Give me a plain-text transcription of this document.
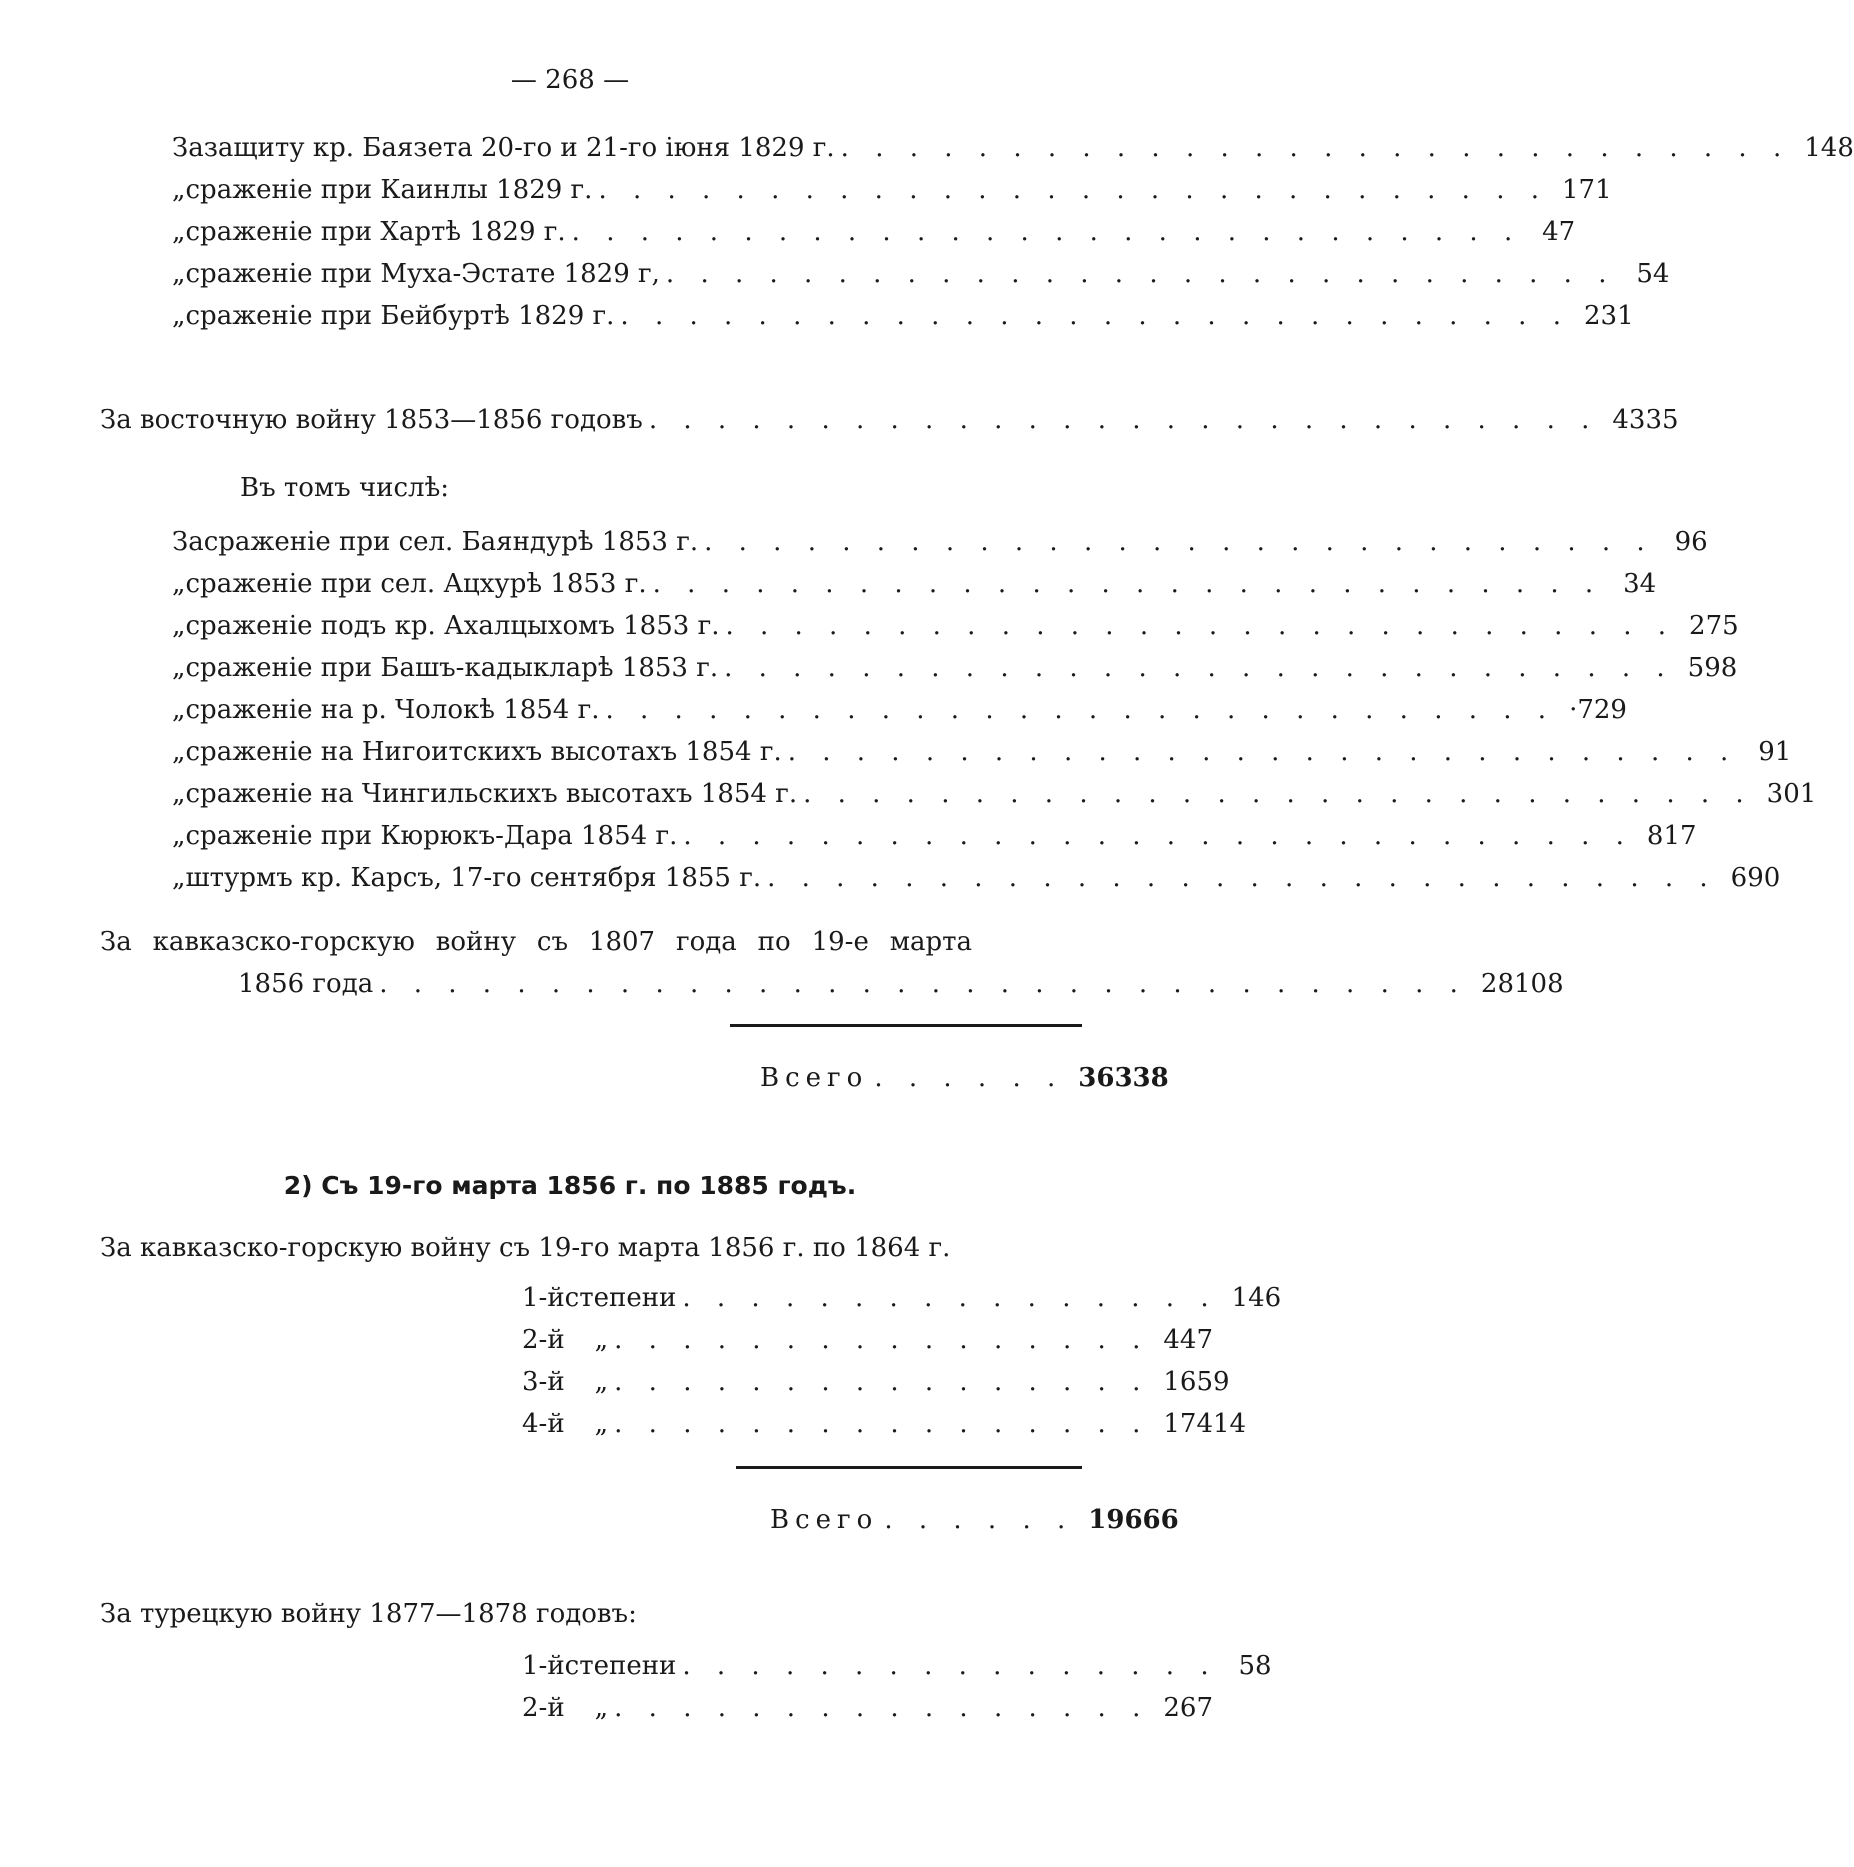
— 268 —
За защиту кр. Баязета 20-го и 21-го іюня 1829 г. . . . . . . . . . . . . . . . . . . . . . . . . . . . . 148
„ сраженіе при Каинлы 1829 г. . . . . . . . . . . . . . . . . . . . . . . . . . . . . 171
„ сраженіе при Хартѣ 1829 г. . . . . . . . . . . . . . . . . . . . . . . . . . . . . 47
„ сраженіе при Муха-Эстате 1829 г, . . . . . . . . . . . . . . . . . . . . . . . . . . . . 54
„ сраженіе при Бейбуртѣ 1829 г. . . . . . . . . . . . . . . . . . . . . . . . . . . . . 231
За восточную войну 1853—1856 годовъ . . . . . . . . . . . . . . . . . . . . . . . . . . . . 4335
Въ томъ числѣ:
За сраженіе при сел. Баяндурѣ 1853 г. . . . . . . . . . . . . . . . . . . . . . . . . . . . . 96
„ сраженіе при сел. Ацхурѣ 1853 г. . . . . . . . . . . . . . . . . . . . . . . . . . . . . 34
„ сраженіе подъ кр. Ахалцыхомъ 1853 г. . . . . . . . . . . . . . . . . . . . . . . . . . . . . 275
„ сраженіе при Башъ-кадыкларѣ 1853 г. . . . . . . . . . . . . . . . . . . . . . . . . . . . . 598
„ сраженіе на р. Чолокѣ 1854 г. . . . . . . . . . . . . . . . . . . . . . . . . . . . . ·729
„ сраженіе на Нигоитскихъ высотахъ 1854 г. . . . . . . . . . . . . . . . . . . . . . . . . . . . . 91
„ сраженіе на Чингильскихъ высотахъ 1854 г. . . . . . . . . . . . . . . . . . . . . . . . . . . . . 301
„ сраженіе при Кюрюкъ-Дара 1854 г. . . . . . . . . . . . . . . . . . . . . . . . . . . . . 817
„ штурмъ кр. Карсъ, 17-го сентября 1855 г. . . . . . . . . . . . . . . . . . . . . . . . . . . . . 690
За кавказско-горскую войну съ 1807 года по 19-е марта
1856 года . . . . . . . . . . . . . . . . . . . . . . . . . . . . . . . . 28108
Всего . . . . . . 36338
2) Съ 19-го марта 1856 г. по 1885 годъ.
За кавказско-горскую войну съ 19-го марта 1856 г. по 1864 г.
1-й степени . . . . . . . . . . . . . . . . 146
2-й	„ . . . . . . . . . . . . . . . . 447
3-й	„ . . . . . . . . . . . . . . . . 1659
4-й	„ . . . . . . . . . . . . . . . . 17414
Всего . . . . . . 19666
За турецкую войну 1877—1878 годовъ:
1-й степени . . . . . . . . . . . . . . . . 58
2-й	„ . . . . . . . . . . . . . . . . 267
